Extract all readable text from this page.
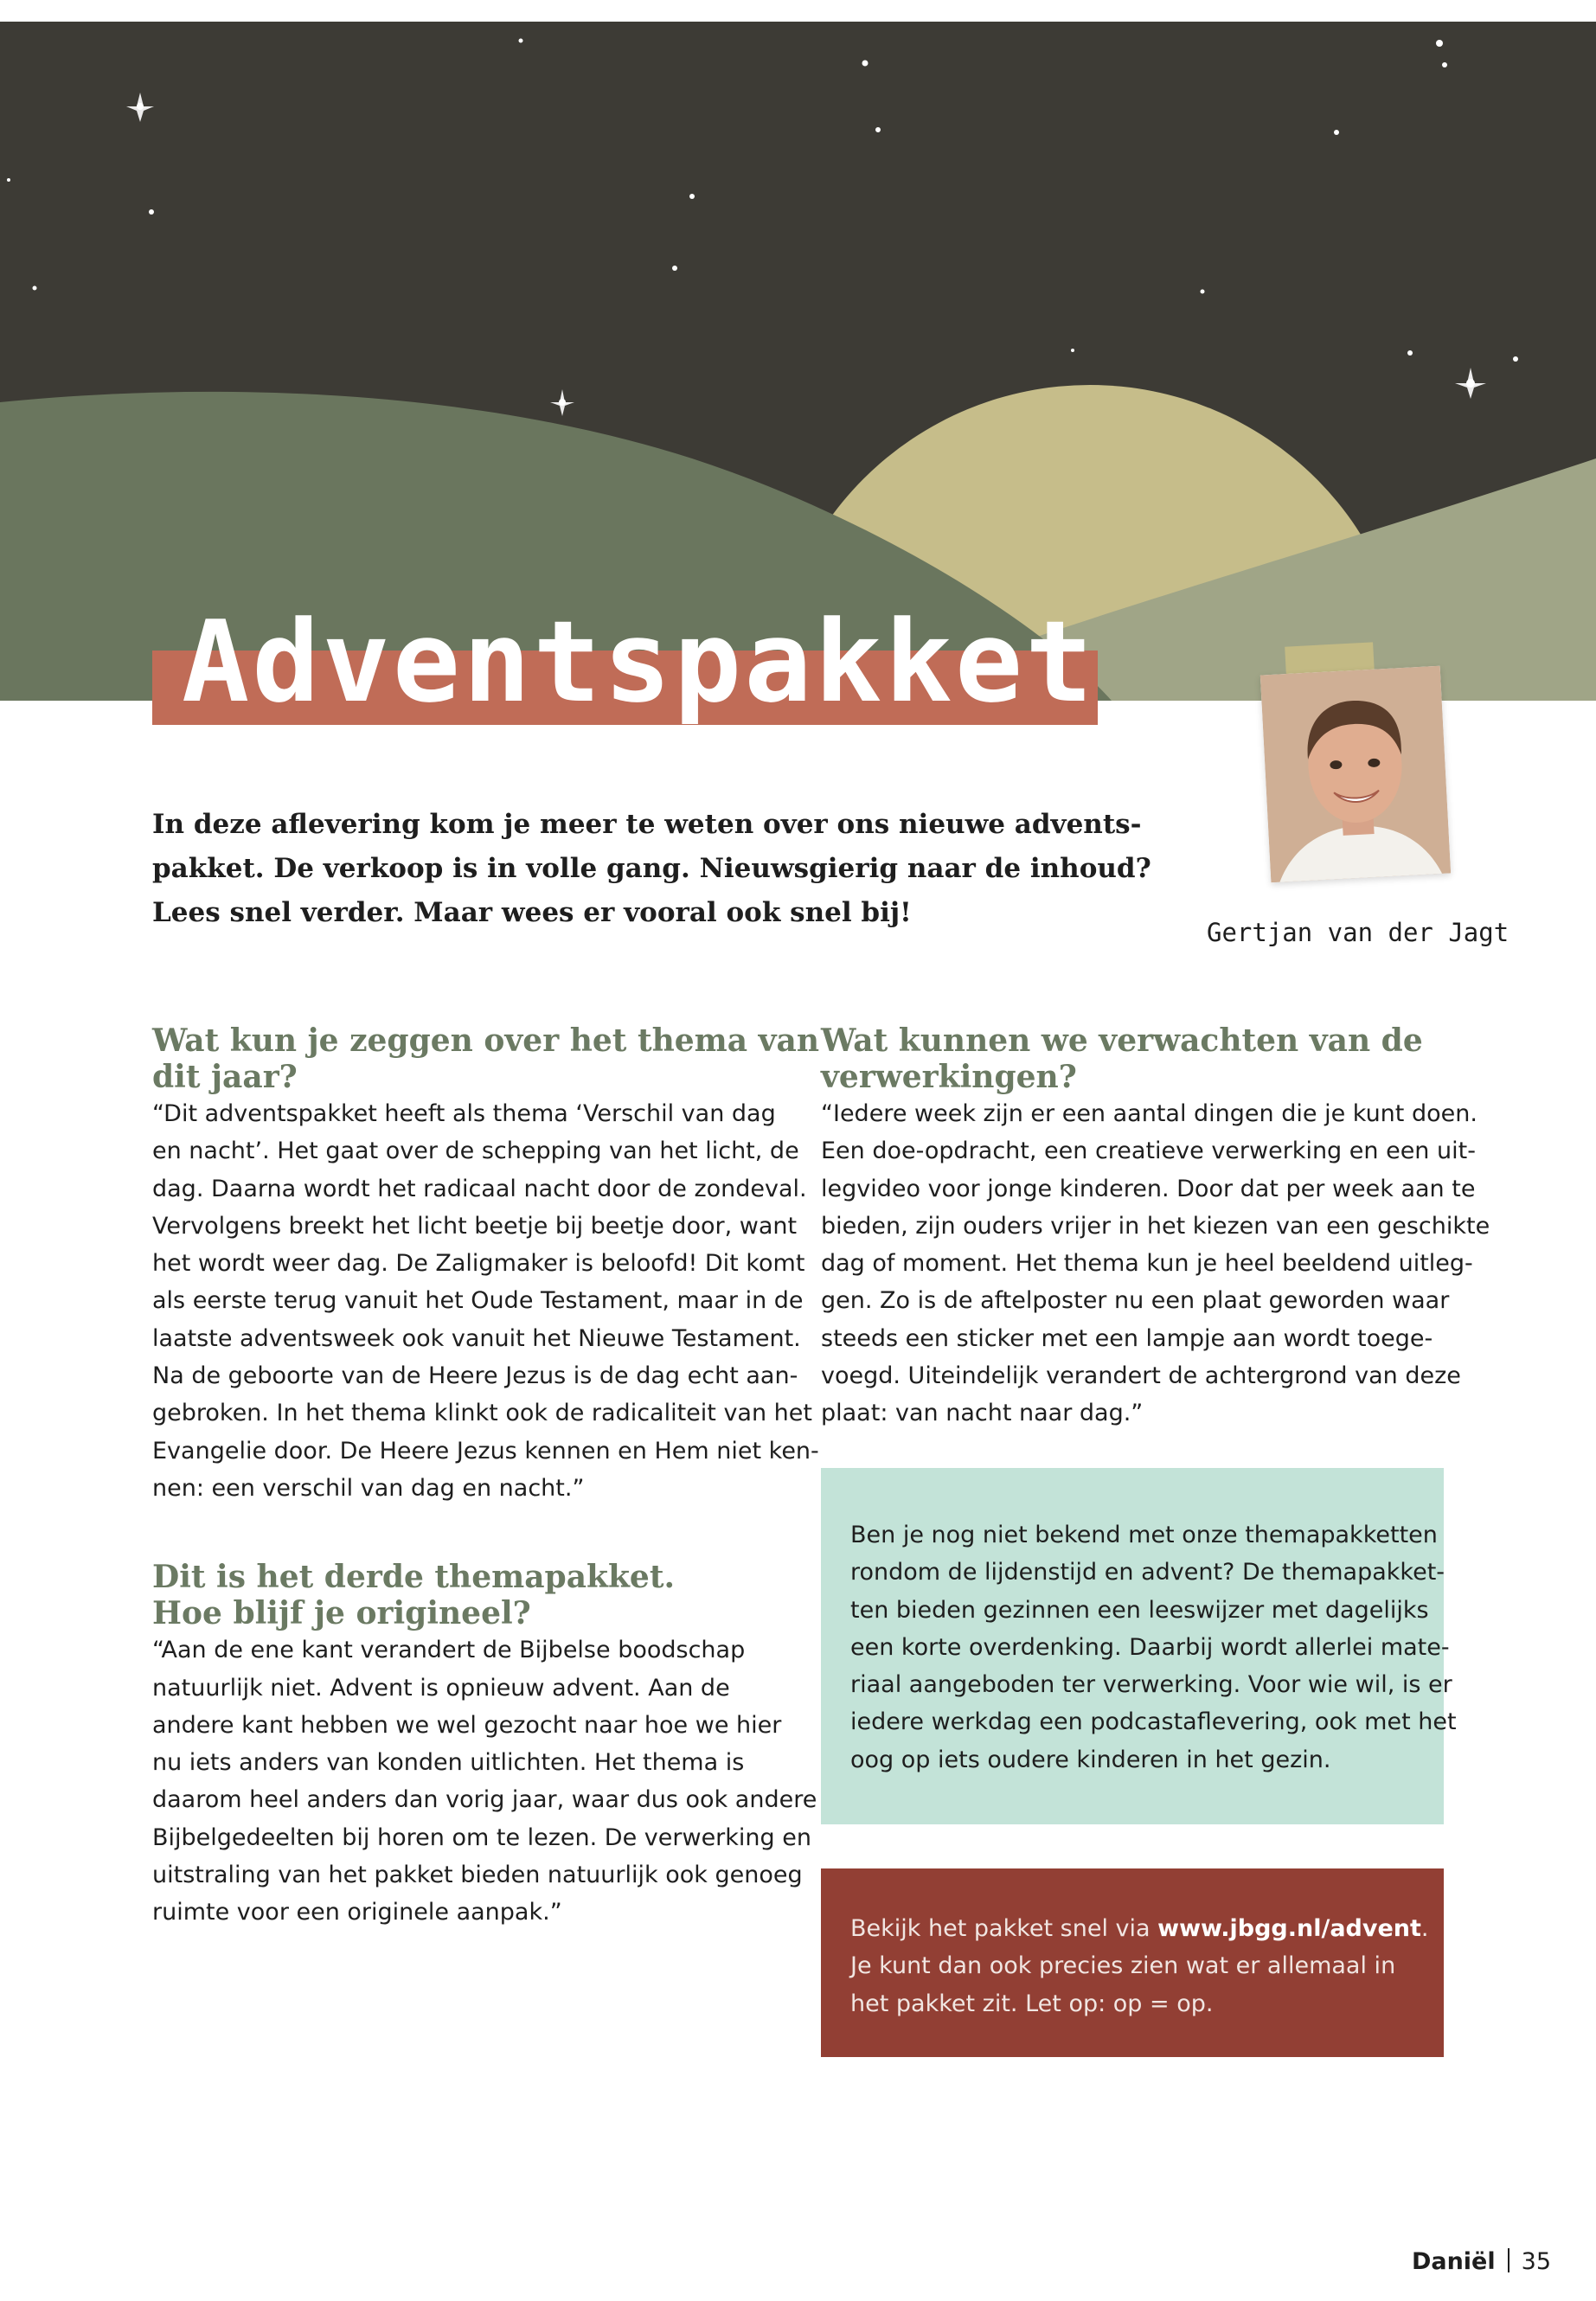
Adventspakket
Gertjan van der Jagt
In deze aflevering kom je meer te weten over ons nieuwe advents-
pakket. De verkoop is in volle gang. Nieuwsgierig naar de inhoud?
Lees snel verder. Maar wees er vooral ook snel bij!
Wat kun je zeggen over het thema van
dit jaar?

“Dit adventspakket heeft als thema ‘Verschil van dag
en nacht’. Het gaat over de schepping van het licht, de
dag. Daarna wordt het radicaal nacht door de zondeval.
Vervolgens breekt het licht beetje bij beetje door, want
het wordt weer dag. De Zaligmaker is beloofd! Dit komt
als eerste terug vanuit het Oude Testament, maar in de
laatste adventsweek ook vanuit het Nieuwe Testament.
Na de geboorte van de Heere Jezus is de dag echt aan-
gebroken. In het thema klinkt ook de radicaliteit van het
Evangelie door. De Heere Jezus kennen en Hem niet ken-
nen: een verschil van dag en nacht.”

Dit is het derde themapakket.
Hoe blijf je origineel?

“Aan de ene kant verandert de Bijbelse boodschap
natuurlijk niet. Advent is opnieuw advent. Aan de
andere kant hebben we wel gezocht naar hoe we hier
nu iets anders van konden uitlichten. Het thema is
daarom heel anders dan vorig jaar, waar dus ook andere
Bijbelgedeelten bij horen om te lezen. De verwerking en
uitstraling van het pakket bieden natuurlijk ook genoeg
ruimte voor een originele aanpak.”

Wat kunnen we verwachten van de
verwerkingen?

“Iedere week zijn er een aantal dingen die je kunt doen.
Een doe-opdracht, een creatieve verwerking en een uit-
legvideo voor jonge kinderen. Door dat per week aan te
bieden, zijn ouders vrijer in het kiezen van een geschikte
dag of moment. Het thema kun je heel beeldend uitleg-
gen. Zo is de aftelposter nu een plaat geworden waar
steeds een sticker met een lampje aan wordt toege-
voegd. Uiteindelijk verandert de achtergrond van deze
plaat: van nacht naar dag.”

Ben je nog niet bekend met onze themapakketten
rondom de lijdenstijd en advent? De themapakket-
ten bieden gezinnen een leeswijzer met dagelijks
een korte overdenking. Daarbij wordt allerlei mate-
riaal aangeboden ter verwerking. Voor wie wil, is er
iedere werkdag een podcastaflevering, ook met het
oog op iets oudere kinderen in het gezin.
Bekijk het pakket snel via www.jbgg.nl/advent.
Je kunt dan ook precies zien wat er allemaal in
het pakket zit. Let op: op = op.
Daniël 35
